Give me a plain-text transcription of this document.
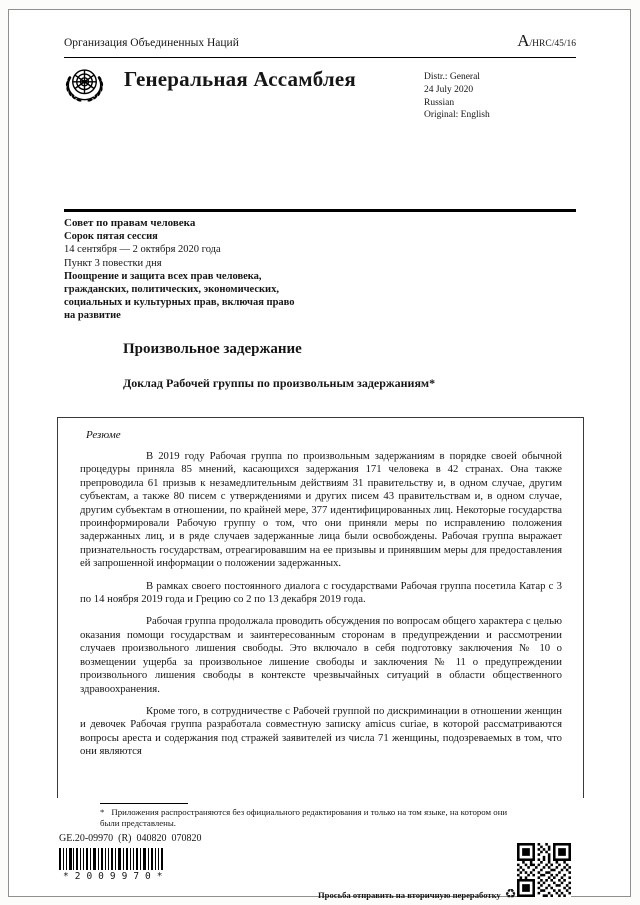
Организация Объединенных Наций	A/HRC/45/16
Генеральная Ассамблея	Distr.: General
24 July 2020
Russian
Original: English
Совет по правам человека
Сорок пятая сессия
14 сентября — 2 октября 2020 года
Пункт 3 повестки дня
Поощрение и защита всех прав человека, гражданских, политических, экономических, социальных и культурных прав, включая право на развитие
Произвольное задержание
Доклад Рабочей группы по произвольным задержаниям*
Резюме

В 2019 году Рабочая группа по произвольным задержаниям в порядке своей обычной процедуры приняла 85 мнений, касающихся задержания 171 человека в 42 странах. Она также препроводила 61 призыв к незамедлительным действиям 31 правительству и, в одном случае, другим субъектам, а также 80 писем с утверждениями и других писем 43 правительствам и, в одном случае, другим субъектам в отношении, по крайней мере, 377 идентифицированных лиц. Некоторые государства проинформировали Рабочую группу о том, что они приняли меры по исправлению положения задержанных лиц, и в ряде случаев задержанные лица были освобождены. Рабочая группа выражает признательность государствам, отреагировавшим на ее призывы и принявшим меры для предоставления ей запрошенной информации о положении задержанных.

В рамках своего постоянного диалога с государствами Рабочая группа посетила Катар с 3 по 14 ноября 2019 года и Грецию со 2 по 13 декабря 2019 года.

Рабочая группа продолжала проводить обсуждения по вопросам общего характера с целью оказания помощи государствам и заинтересованным сторонам в предупреждении и рассмотрении случаев произвольного лишения свободы. Это включало в себя подготовку заключения № 10 о возмещении ущерба за произвольное лишение свободы и заключения № 11 о предупреждении произвольного лишения свободы в контексте чрезвычайных ситуаций в области общественного здравоохранения.

Кроме того, в сотрудничестве с Рабочей группой по дискриминации в отношении женщин и девочек Рабочая группа разработала совместную записку amicus curiae, в которой рассматриваются вопросы ареста и содержания под стражей заявителей из числа 71 женщины, подозреваемых в том, что они являются

* Приложения распространяются без официального редактирования и только на том языке, на котором они были представлены.
GE.20-09970  (R)  040820  070820
*2009970*
Просьба отправить на вторичную переработку ♻
